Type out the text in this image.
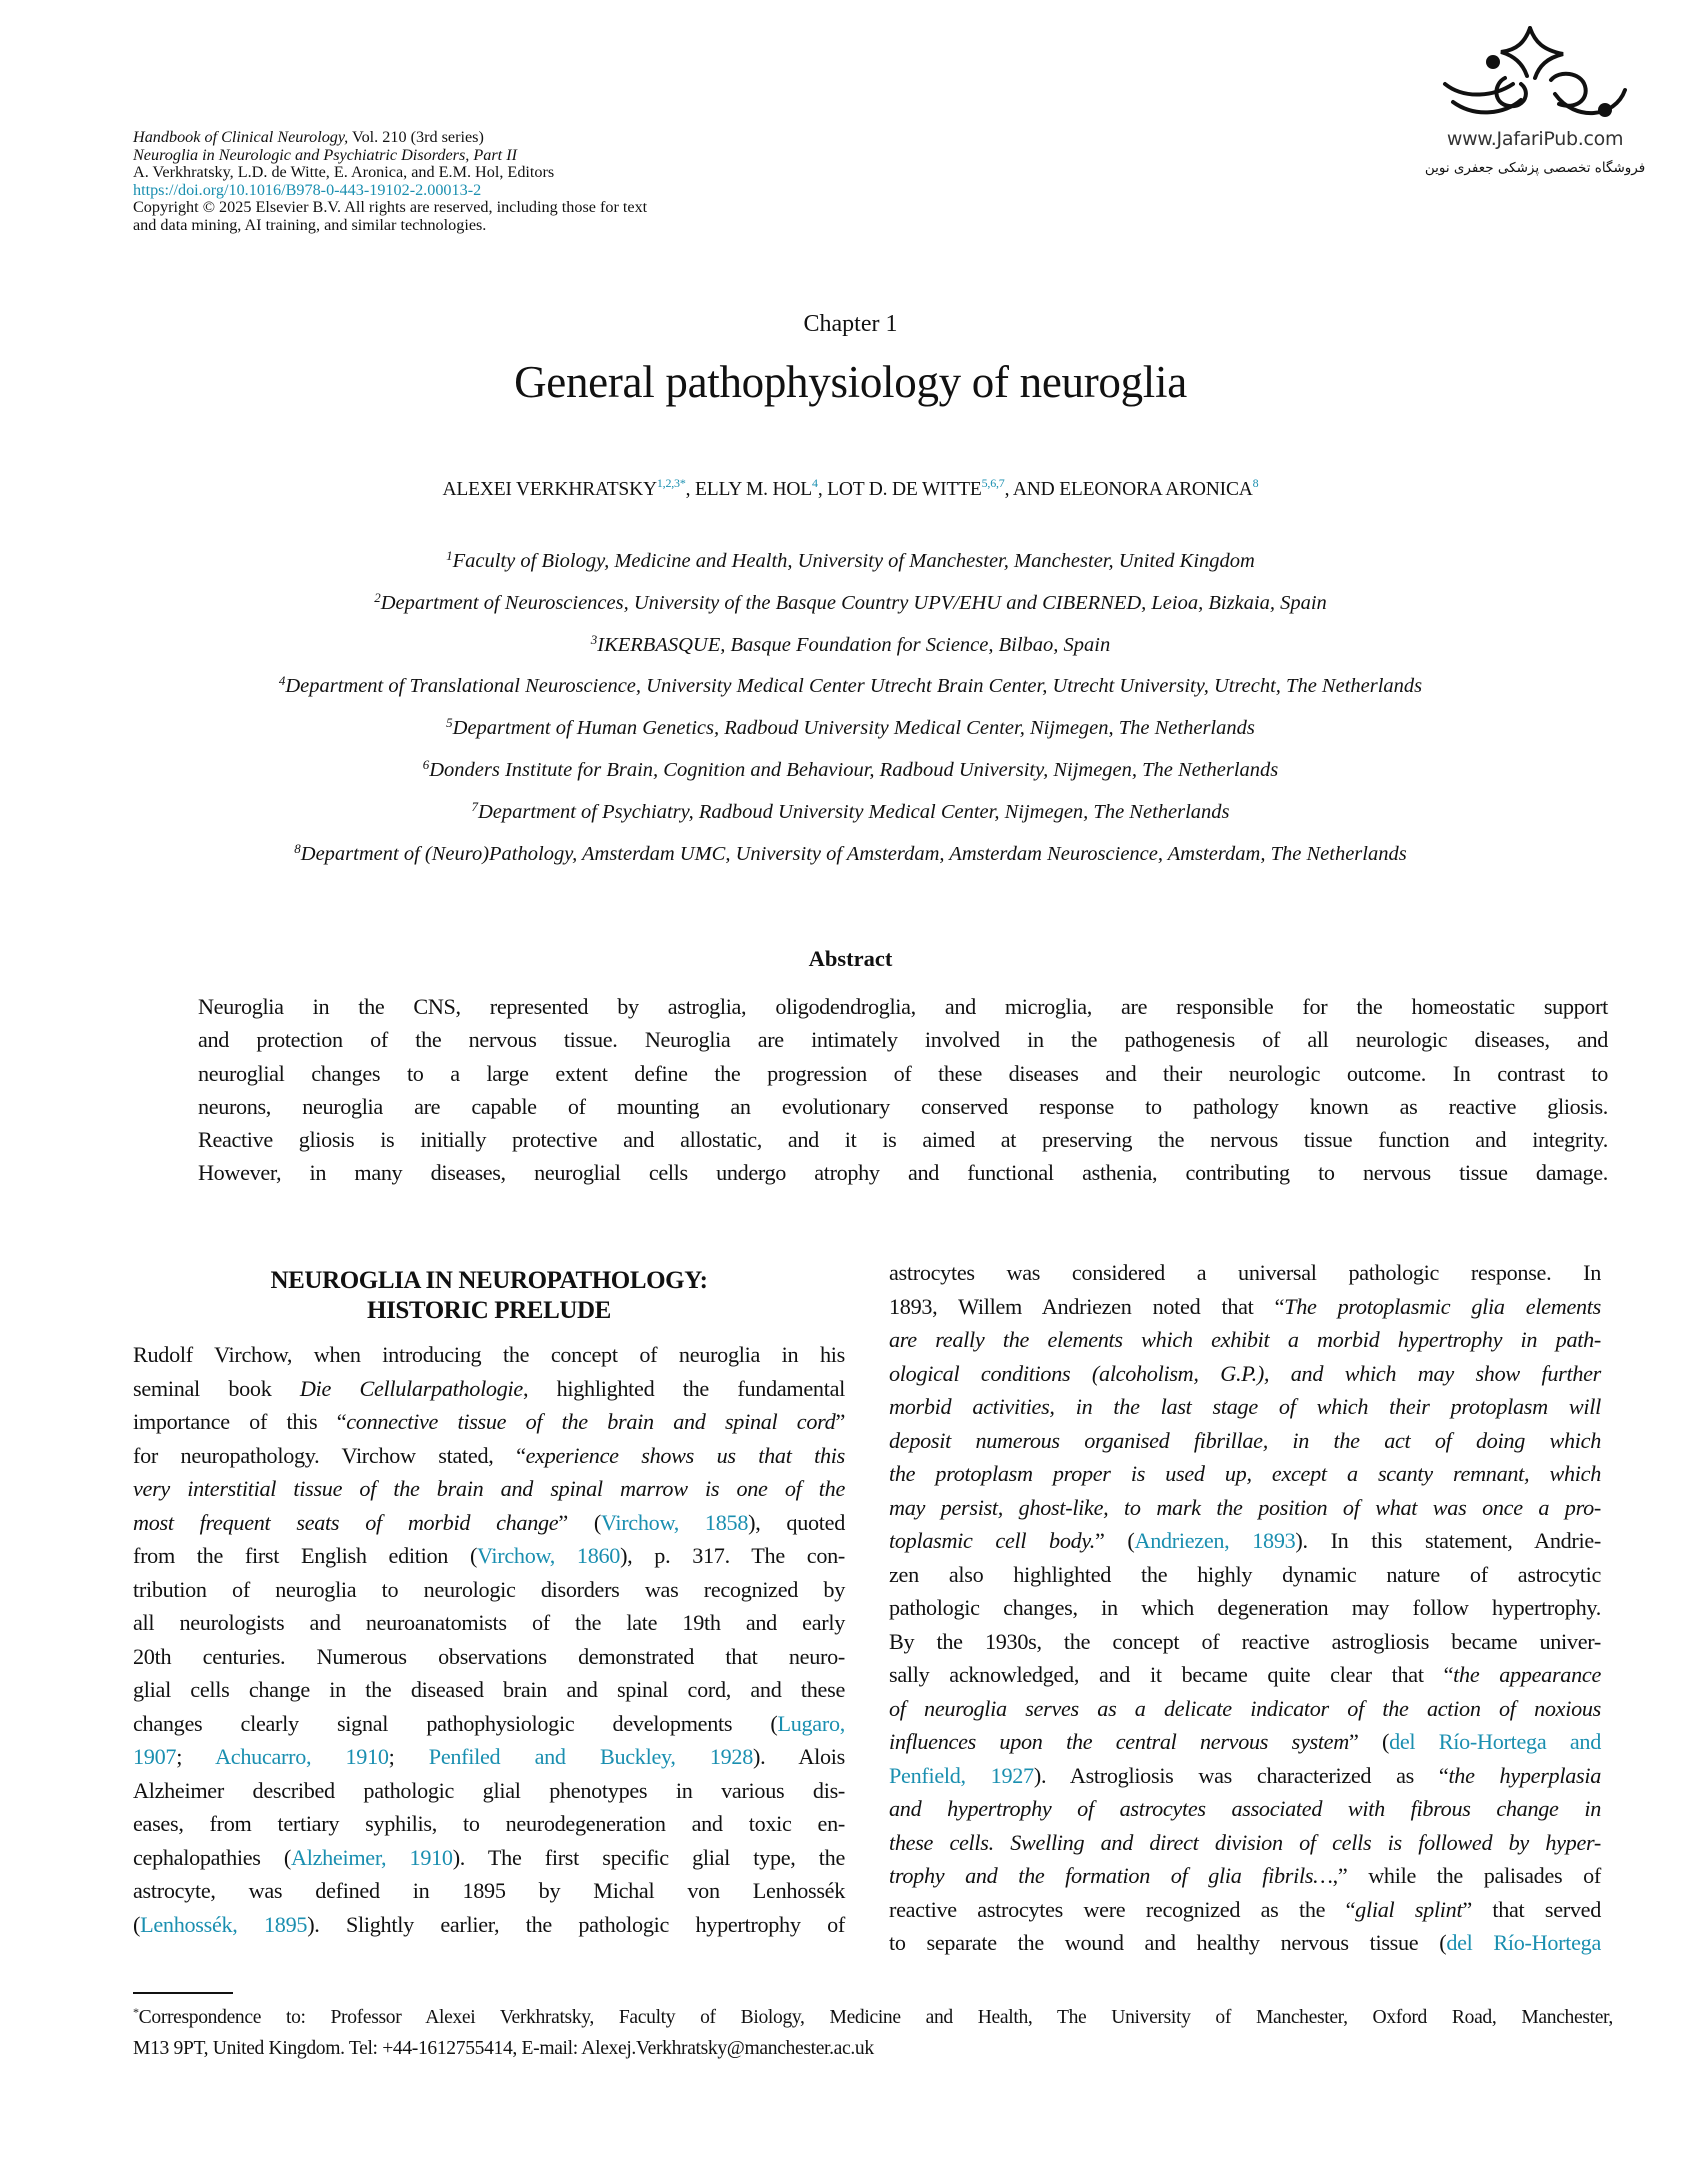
Handbook of Clinical Neurology, Vol. 210 (3rd series)
Neuroglia in Neurologic and Psychiatric Disorders, Part II
A. Verkhratsky, L.D. de Witte, E. Aronica, and E.M. Hol, Editors
https://doi.org/10.1016/B978-0-443-19102-2.00013-2
Copyright © 2025 Elsevier B.V. All rights are reserved, including those for text
and data mining, AI training, and similar technologies.
www.JafariPub.com
فروشگاه تخصصی پزشکی جعفری نوین
Chapter 1
General pathophysiology of neuroglia
ALEXEI $VERKHRATSKY^{1,2,3*}$, ELLY M. HOL$^4$, LOT D. DE WITTE$^{5,6,7}$, AND ELEONORA ARONICA$^8$
$^1$Faculty of Biology, Medicine and Health, University of Manchester, Manchester, United Kingdom
$^2$Department of Neurosciences, University of the Basque Country UPV/EHU and CIBERNED, Leioa, Bizkaia, Spain
$^3$IKERBASQUE, Basque Foundation for Science, Bilbao, Spain
$^4$Department of Translational Neuroscience, University Medical Center Utrecht Brain Center, Utrecht University, Utrecht, The Netherlands
$^5$Department of Human Genetics, Radboud University Medical Center, Nijmegen, The Netherlands
$^6$Donders Institute for Brain, Cognition and Behaviour, Radboud University, Nijmegen, The Netherlands
$^7$Department of Psychiatry, Radboud University Medical Center, Nijmegen, The Netherlands
$^8$Department of (Neuro)Pathology, Amsterdam UMC, University of Amsterdam, Amsterdam Neuroscience, Amsterdam, The Netherlands
Abstract
Neuroglia in the CNS, represented by astroglia, oligodendroglia, and microglia, are responsible for the homeostatic support
and protection of the nervous tissue. Neuroglia are intimately involved in the pathogenesis of all neurologic diseases, and
neuroglial changes to a large extent define the progression of these diseases and their neurologic outcome. In contrast to
neurons, neuroglia are capable of mounting an evolutionary conserved response to pathology known as reactive gliosis.
Reactive gliosis is initially protective and allostatic, and it is aimed at preserving the nervous tissue function and integrity.
However, in many diseases, neuroglial cells undergo atrophy and functional asthenia, contributing to nervous tissue damage.
NEUROGLIA IN NEUROPATHOLOGY:
HISTORIC PRELUDE
Rudolf Virchow, when introducing the concept of neuroglia in his
seminal book Die Cellularpathologie, highlighted the fundamental
importance of this “connective tissue of the brain and spinal cord”
for neuropathology. Virchow stated, “experience shows us that this
very interstitial tissue of the brain and spinal marrow is one of the
most frequent seats of morbid change” (Virchow, 1858), quoted
from the first English edition (Virchow, 1860), p. 317. The con-
tribution of neuroglia to neurologic disorders was recognized by
all neurologists and neuroanatomists of the late 19th and early
20th centuries. Numerous observations demonstrated that neuro-
glial cells change in the diseased brain and spinal cord, and these
changes clearly signal pathophysiologic developments (Lugaro,
1907; Achucarro, 1910; Penfiled and Buckley, 1928). Alois
Alzheimer described pathologic glial phenotypes in various dis-
eases, from tertiary syphilis, to neurodegeneration and toxic en-
cephalopathies (Alzheimer, 1910). The first specific glial type, the
astrocyte, was defined in 1895 by Michal von Lenhossék
(Lenhossék, 1895). Slightly earlier, the pathologic hypertrophy of
astrocytes was considered a universal pathologic response. In
1893, Willem Andriezen noted that “The protoplasmic glia elements
are really the elements which exhibit a morbid hypertrophy in path-
ological conditions (alcoholism, G.P.), and which may show further
morbid activities, in the last stage of which their protoplasm will
deposit numerous organised fibrillae, in the act of doing which
the protoplasm proper is used up, except a scanty remnant, which
may persist, ghost-like, to mark the position of what was once a pro-
toplasmic cell body.” (Andriezen, 1893). In this statement, Andrie-
zen also highlighted the highly dynamic nature of astrocytic
pathologic changes, in which degeneration may follow hypertrophy.
By the 1930s, the concept of reactive astrogliosis became univer-
sally acknowledged, and it became quite clear that “the appearance
of neuroglia serves as a delicate indicator of the action of noxious
influences upon the central nervous system” (del Río-Hortega and
Penfield, 1927). Astrogliosis was characterized as “the hyperplasia
and hypertrophy of astrocytes associated with fibrous change in
these cells. Swelling and direct division of cells is followed by hyper-
trophy and the formation of glia fibrils…,” while the palisades of
reactive astrocytes were recognized as the “glial splint” that served
to separate the wound and healthy nervous tissue (del Río-Hortega
*Correspondence to: Professor Alexei Verkhratsky, Faculty of Biology, Medicine and Health, The University of Manchester, Oxford Road, Manchester,
M13 9PT, United Kingdom. Tel: +44-1612755414, E-mail: Alexej.Verkhratsky@manchester.ac.uk
